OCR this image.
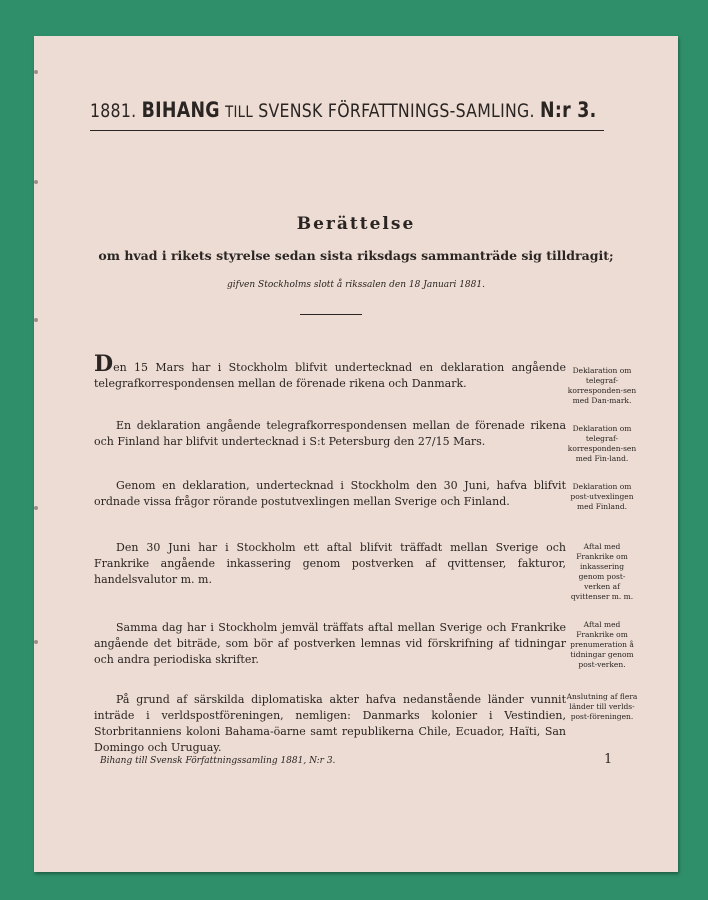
1881. BIHANG TILL SVENSK FÖRFATTNINGS-SAMLING. N:r 3.
Berättelse
om hvad i rikets styrelse sedan sista riksdags sammanträde sig tilldragit;
gifven Stockholms slott å rikssalen den 18 Januari 1881.
Den 15 Mars har i Stockholm blifvit undertecknad en deklaration angående telegrafkorrespondensen mellan de förenade rikena och Danmark.
Deklaration om telegraf-korresponden-sen med Dan-mark.
En deklaration angående telegrafkorrespondensen mellan de förenade rikena och Finland har blifvit undertecknad i S:t Petersburg den 27/15 Mars.
Deklaration om telegraf-korresponden-sen med Fin-land.
Genom en deklaration, undertecknad i Stockholm den 30 Juni, hafva blifvit ordnade vissa frågor rörande postutvexlingen mellan Sverige och Finland.
Deklaration om post-utvexlingen med Finland.
Den 30 Juni har i Stockholm ett aftal blifvit träffadt mellan Sverige och Frankrike angående inkassering genom postverken af qvittenser, fakturor, handelsvalutor m. m.
Aftal med Frankrike om inkassering genom post-verken af qvittenser m. m.
Samma dag har i Stockholm jemväl träffats aftal mellan Sverige och Frankrike angående det biträde, som bör af postverken lemnas vid förskrifning af tidningar och andra periodiska skrifter.
Aftal med Frankrike om prenumeration å tidningar genom post-verken.
På grund af särskilda diplomatiska akter hafva nedanstående länder vunnit inträde i verldspostföreningen, nemligen: Danmarks kolonier i Vestindien, Storbritanniens koloni Bahama-öarne samt republikerna Chile, Ecuador, Haïti, San Domingo och Uruguay.
Anslutning af flera länder till verlds-post-föreningen.
Bihang till Svensk Författningssamling 1881, N:r 3.	1
